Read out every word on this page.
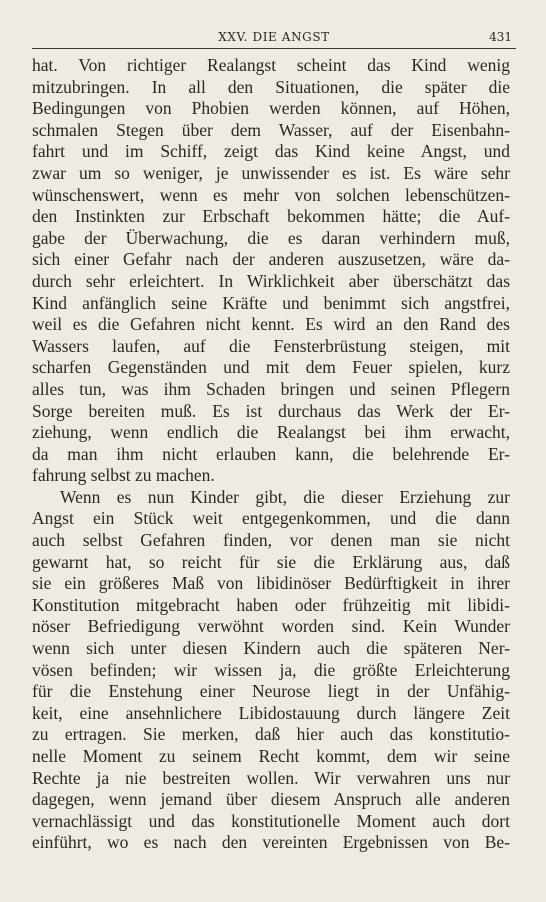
XXV. DIE ANGST	431
hat. Von richtiger Realangst scheint das Kind wenig
mitzubringen. In all den Situationen, die später die
Bedingungen von Phobien werden können, auf Höhen,
schmalen Stegen über dem Wasser, auf der Eisenbahn-
fahrt und im Schiff, zeigt das Kind keine Angst, und
zwar um so weniger, je unwissender es ist. Es wäre sehr
wünschenswert, wenn es mehr von solchen lebenschützen-
den Instinkten zur Erbschaft bekommen hätte; die Auf-
gabe der Überwachung, die es daran verhindern muß,
sich einer Gefahr nach der anderen auszusetzen, wäre da-
durch sehr erleichtert. In Wirklichkeit aber überschätzt das
Kind anfänglich seine Kräfte und benimmt sich angstfrei,
weil es die Gefahren nicht kennt. Es wird an den Rand des
Wassers laufen, auf die Fensterbrüstung steigen, mit
scharfen Gegenständen und mit dem Feuer spielen, kurz
alles tun, was ihm Schaden bringen und seinen Pflegern
Sorge bereiten muß. Es ist durchaus das Werk der Er-
ziehung, wenn endlich die Realangst bei ihm erwacht,
da man ihm nicht erlauben kann, die belehrende Er-
fahrung selbst zu machen.
Wenn es nun Kinder gibt, die dieser Erziehung zur
Angst ein Stück weit entgegenkommen, und die dann
auch selbst Gefahren finden, vor denen man sie nicht
gewarnt hat, so reicht für sie die Erklärung aus, daß
sie ein größeres Maß von libidinöser Bedürftigkeit in ihrer
Konstitution mitgebracht haben oder frühzeitig mit libidi-
nöser Befriedigung verwöhnt worden sind. Kein Wunder
wenn sich unter diesen Kindern auch die späteren Ner-
vösen befinden; wir wissen ja, die größte Erleichterung
für die Enstehung einer Neurose liegt in der Unfähig-
keit, eine ansehnlichere Libidostauung durch längere Zeit
zu ertragen. Sie merken, daß hier auch das konstitutio-
nelle Moment zu seinem Recht kommt, dem wir seine
Rechte ja nie bestreiten wollen. Wir verwahren uns nur
dagegen, wenn jemand über diesem Anspruch alle anderen
vernachlässigt und das konstitutionelle Moment auch dort
einführt, wo es nach den vereinten Ergebnissen von Be-
